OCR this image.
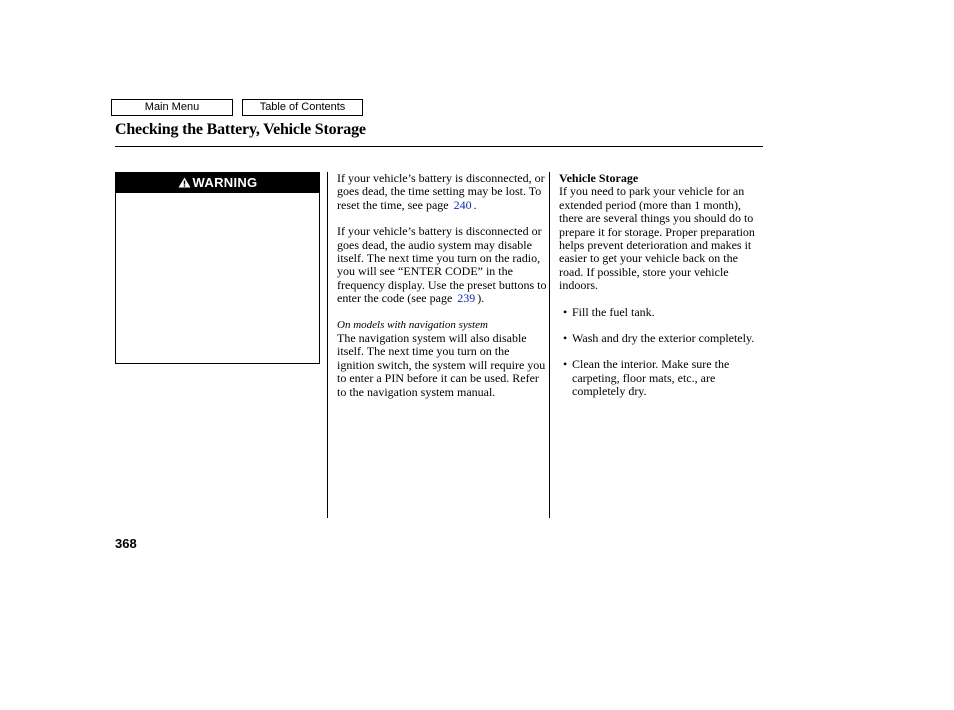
Main Menu	Table of Contents
Checking the Battery, Vehicle Storage
WARNING	If your vehicle’s battery is disconnected, or goes dead, the time setting may be lost. To reset the time, see page 240 .

If your vehicle’s battery is disconnected or goes dead, the audio system may disable itself. The next time you turn on the radio, you will see “ENTER CODE” in the frequency display. Use the preset buttons to enter the code (see page 239 ).

On models with navigation system

The navigation system will also disable itself. The next time you turn on the ignition switch, the system will require you to enter a PIN before it can be used. Refer to the navigation system manual.

Vehicle Storage

If you need to park your vehicle for an extended period (more than 1 month), there are several things you should do to prepare it for storage. Proper preparation helps prevent deterioration and makes it easier to get your vehicle back on the road. If possible, store your vehicle indoors.

• Fill the fuel tank.
• Wash and dry the exterior completely.
• Clean the interior. Make sure the carpeting, floor mats, etc., are completely dry.
368
